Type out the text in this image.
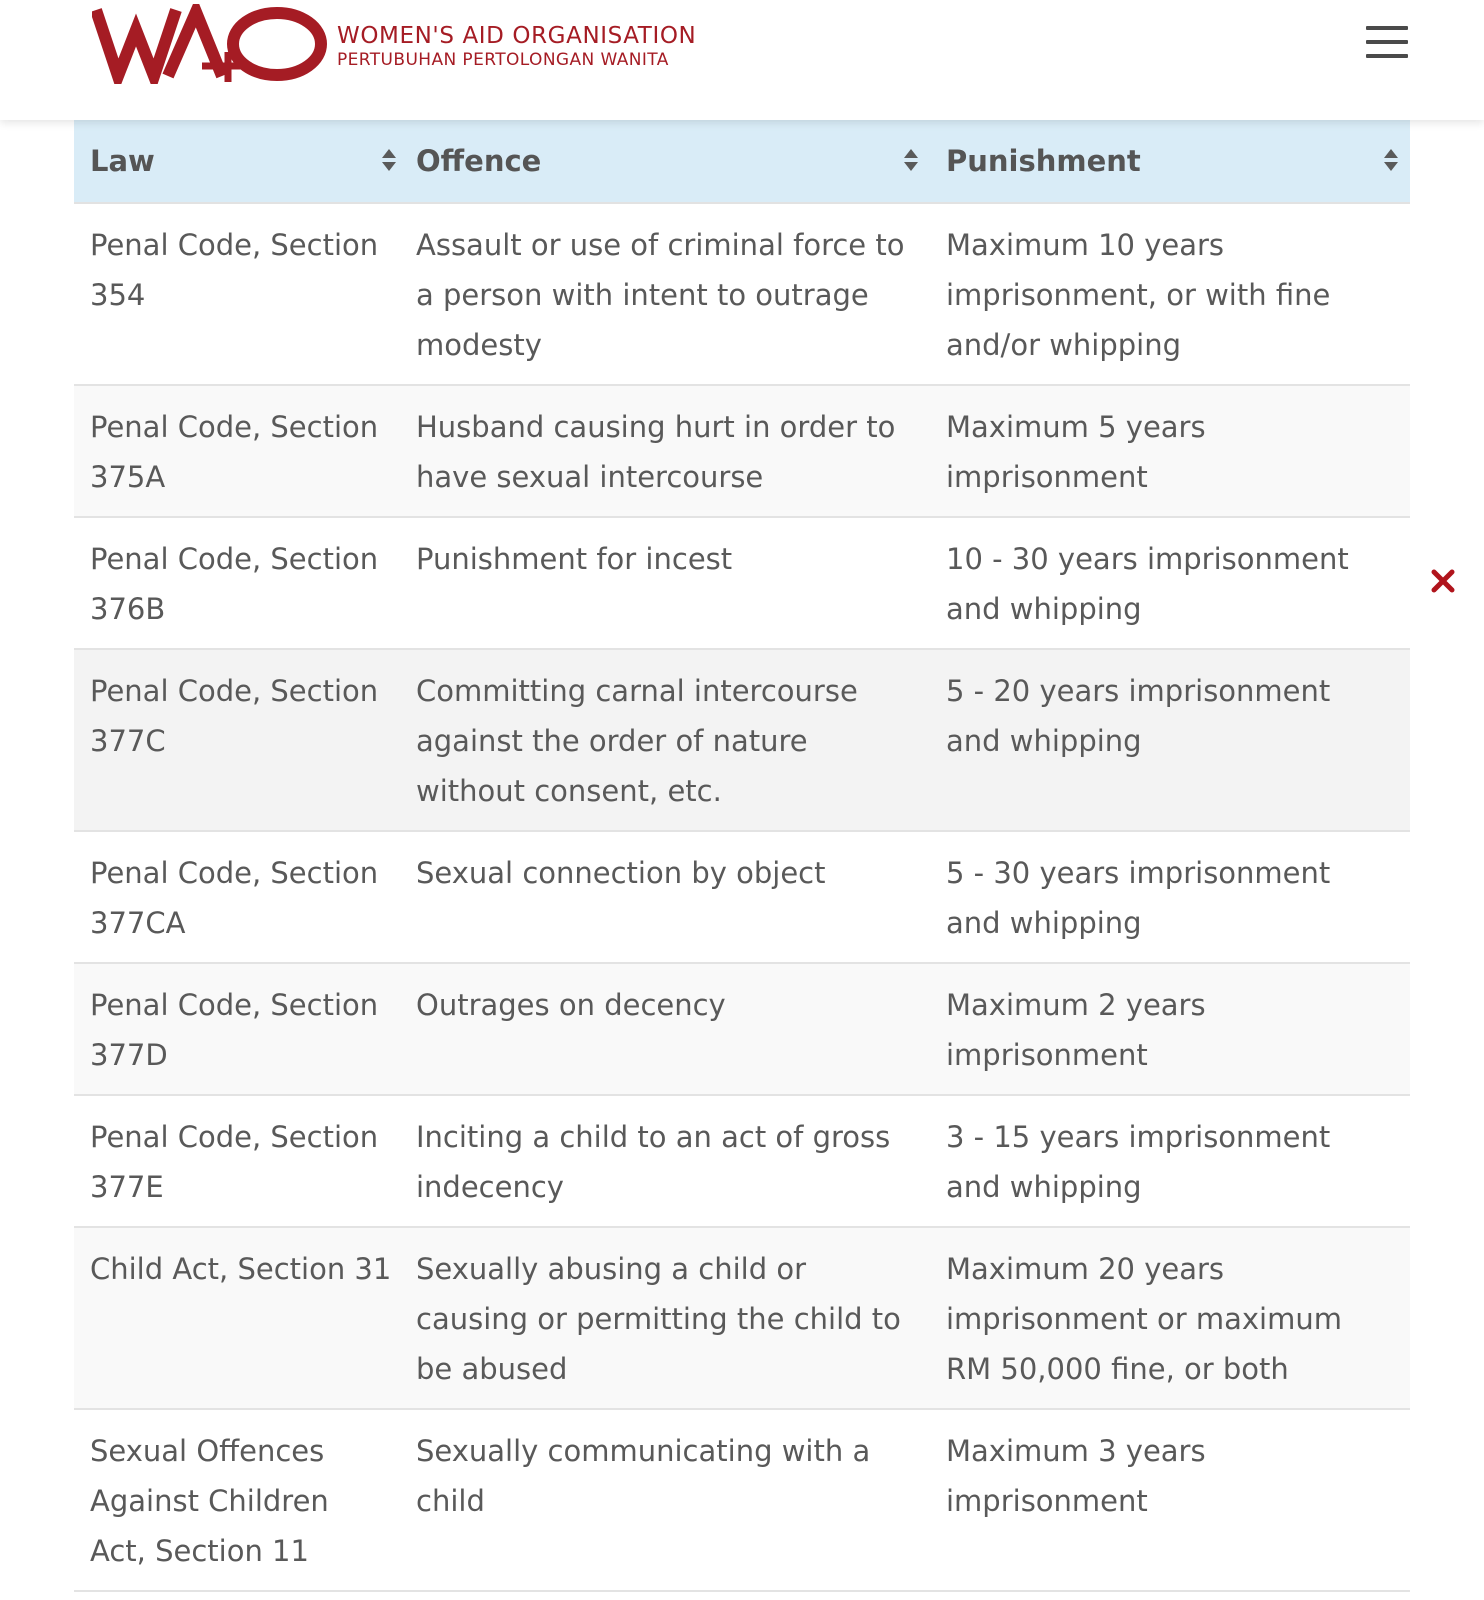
WOMEN'S AID ORGANISATION
PERTUBUHAN PERTOLONGAN WANITA
Law	Offence	Punishment

Penal Code, Section 354	Assault or use of criminal force to a person with intent to outrage modesty	Maximum 10 years imprisonment, or with fine and/or whipping
Penal Code, Section 375A	Husband causing hurt in order to have sexual intercourse	Maximum 5 years imprisonment
Penal Code, Section 376B	Punishment for incest	10 - 30 years imprisonment and whipping
Penal Code, Section 377C	Committing carnal intercourse against the order of nature without consent, etc.	5 - 20 years imprisonment and whipping
Penal Code, Section 377CA	Sexual connection by object	5 - 30 years imprisonment and whipping
Penal Code, Section 377D	Outrages on decency	Maximum 2 years imprisonment
Penal Code, Section 377E	Inciting a child to an act of gross indecency	3 - 15 years imprisonment and whipping
Child Act, Section 31	Sexually abusing a child or causing or permitting the child to be abused	Maximum 20 years imprisonment or maximum RM 50,000 fine, or both
Sexual Offences Against Children Act, Section 11	Sexually communicating with a child	Maximum 3 years imprisonment
